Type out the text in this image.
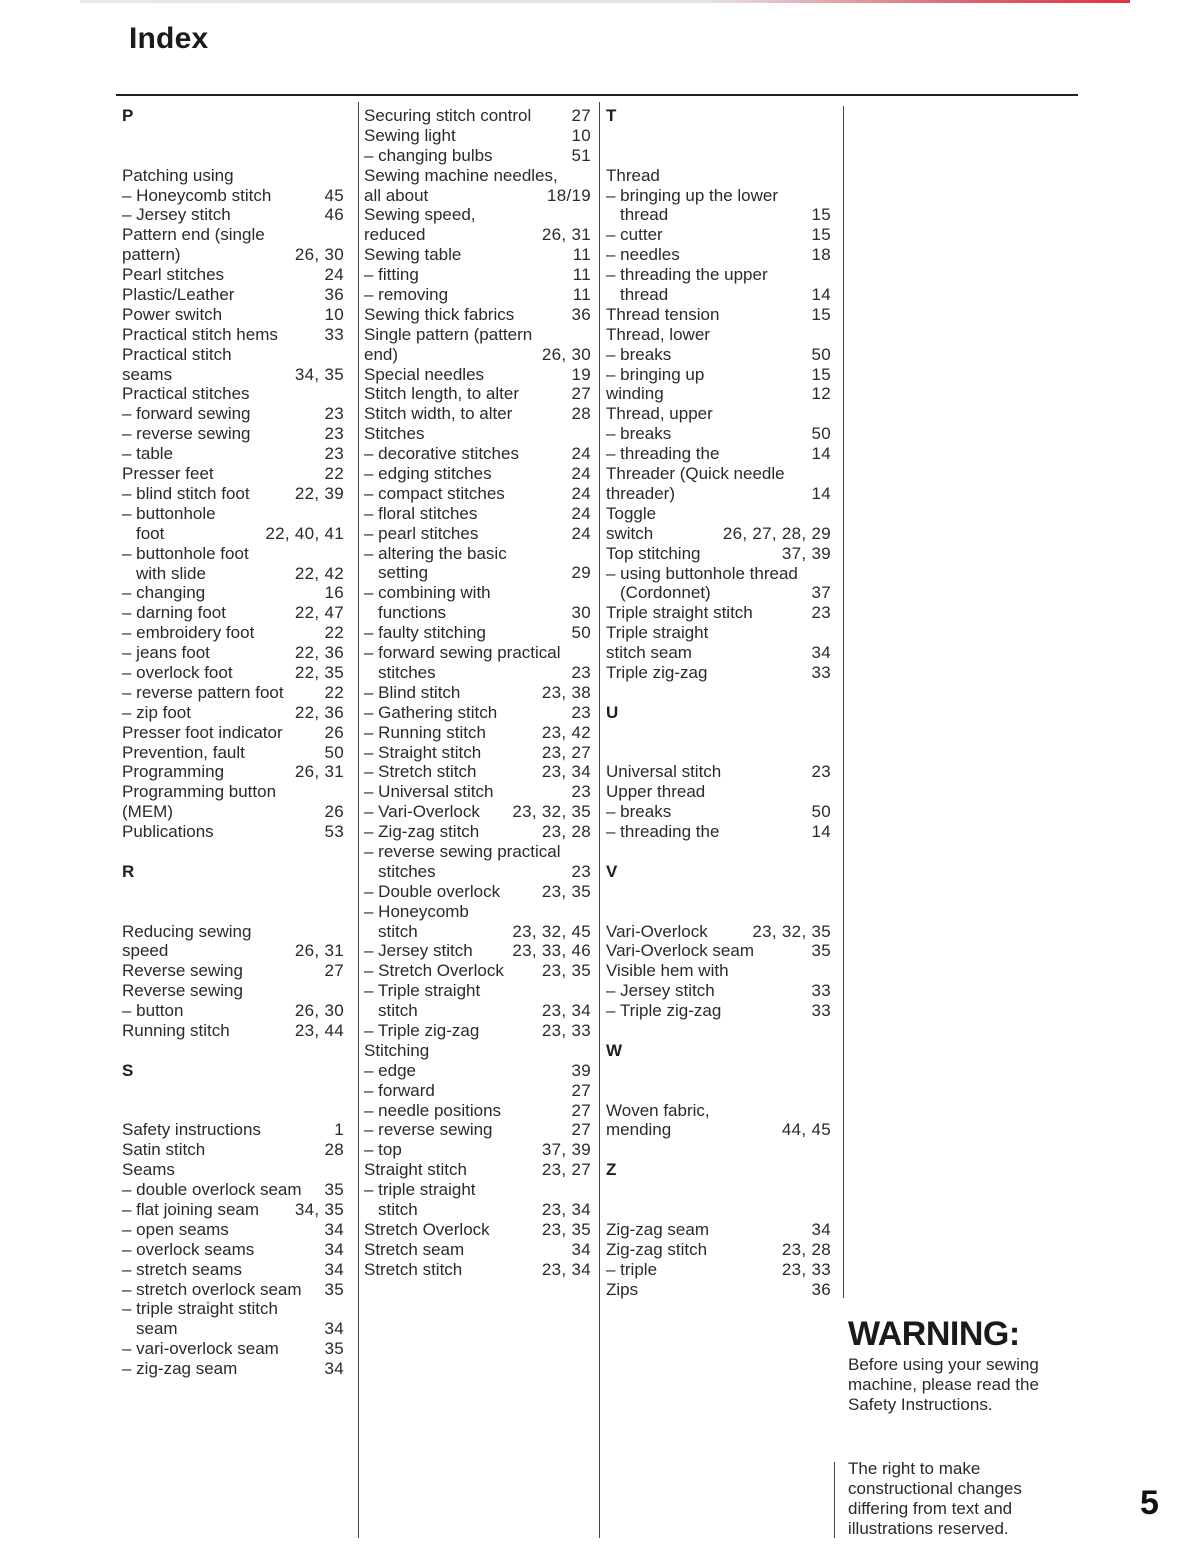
Index
P
Patching using
– Honeycomb stitch	45
– Jersey stitch	46
Pattern end (single
pattern)	26, 30
Pearl stitches	24
Plastic/Leather	36
Power switch	10
Practical stitch hems	33
Practical stitch
seams	34, 35
Practical stitches
– forward sewing	23
– reverse sewing	23
– table	23
Presser feet	22
– blind stitch foot	22, 39
– buttonhole
foot	22, 40, 41
– buttonhole foot
with slide	22, 42
– changing	16
– darning foot	22, 47
– embroidery foot	22
– jeans foot	22, 36
– overlock foot	22, 35
– reverse pattern foot 22
– zip foot	22, 36
Presser foot indicator 26
Prevention, fault	50
Programming	26, 31
Programming button
(MEM)	26
Publications	53
R
Reducing sewing
speed	26, 31
Reverse sewing	27
Reverse sewing
– button	26, 30
Running stitch	23, 44
S
Safety instructions	1
Satin stitch	28
Seams
– double overlock seam 35
– flat joining seam 34, 35
– open seams	34
– overlock seams	34
– stretch seams	34
– stretch overlock seam 35
– triple straight stitch
seam	34
– vari-overlock seam	35
– zig-zag seam	34
Securing stitch control 27
Sewing light	10
– changing bulbs	51
Sewing machine needles,
all about	18/19
Sewing speed,
reduced	26, 31
Sewing table	11
– fitting	11
– removing	11
Sewing thick fabrics	36
Single pattern (pattern
end)	26, 30
Special needles	19
Stitch length, to alter	27
Stitch width, to alter	28
Stitches
– decorative stitches	24
– edging stitches	24
– compact stitches	24
– floral stitches	24
– pearl stitches	24
– altering the basic
setting	29
– combining with
functions	30
– faulty stitching	50
– forward sewing practical
stitches	23
– Blind stitch	23, 38
– Gathering stitch	23
– Running stitch	23, 42
– Straight stitch	23, 27
– Stretch stitch	23, 34
– Universal stitch	23
– Vari-Overlock 23, 32, 35
– Zig-zag stitch	23, 28
– reverse sewing practical
stitches	23
– Double overlock 23, 35
– Honeycomb
stitch	23, 32, 45
– Jersey stitch 23, 33, 46
– Stretch Overlock 23, 35
– Triple straight
stitch	23, 34
– Triple zig-zag	23, 33
Stitching
– edge	39
– forward	27
– needle positions	27
– reverse sewing	27
– top	37, 39
Straight stitch	23, 27
– triple straight
stitch	23, 34
Stretch Overlock	23, 35
Stretch seam	34
Stretch stitch	23, 34
T
Thread
– bringing up the lower
thread	15
– cutter	15
– needles	18
– threading the upper
thread	14
Thread tension	15
Thread, lower
– breaks	50
– bringing up	15
winding	12
Thread, upper
– breaks	50
– threading the	14
Threader (Quick needle
threader)	14
Toggle
switch	26, 27, 28, 29
Top stitching	37, 39
– using buttonhole thread
(Cordonnet)	37
Triple straight stitch	23
Triple straight
stitch seam	34
Triple zig-zag	33
U
Universal stitch	23
Upper thread
– breaks	50
– threading the	14
V
Vari-Overlock	23, 32, 35
Vari-Overlock seam	35
Visible hem with
– Jersey stitch	33
– Triple zig-zag	33
W
Woven fabric,
mending	44, 45
Z
Zig-zag seam	34
Zig-zag stitch	23, 28
– triple	23, 33
Zips	36
WARNING:
Before using your sewing machine, please read the Safety Instructions.
The right to make constructional changes differing from text and illustrations reserved.
5
